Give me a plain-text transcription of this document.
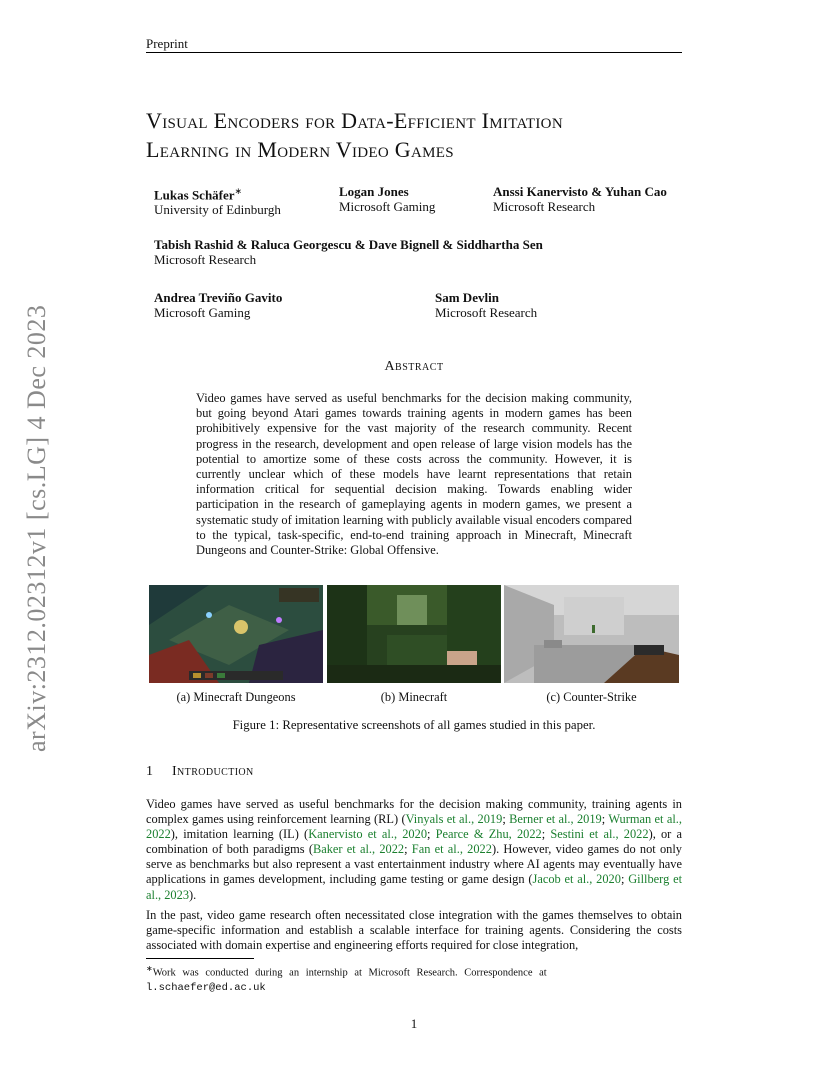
Preprint
arXiv:2312.02312v1 [cs.LG] 4 Dec 2023
Visual Encoders for Data-Efficient Imitation
Learning in Modern Video Games
Lukas Schäfer∗
University of Edinburgh
Logan Jones
Microsoft Gaming
Anssi Kanervisto & Yuhan Cao
Microsoft Research
Tabish Rashid & Raluca Georgescu & Dave Bignell & Siddhartha Sen
Microsoft Research
Andrea Treviño Gavito
Microsoft Gaming
Sam Devlin
Microsoft Research
Abstract
Video games have served as useful benchmarks for the decision making community, but going beyond Atari games towards training agents in modern games has been prohibitively expensive for the vast majority of the research community. Recent progress in the research, development and open release of large vision models has the potential to amortize some of these costs across the community. However, it is currently unclear which of these models have learnt representations that retain information critical for sequential decision making. Towards enabling wider participation in the research of gameplaying agents in modern games, we present a systematic study of imitation learning with publicly available visual encoders compared to the typical, task-specific, end-to-end training approach in Minecraft, Minecraft Dungeons and Counter-Strike: Global Offensive.
(a) Minecraft Dungeons	(b) Minecraft	(c) Counter-Strike
Figure 1: Representative screenshots of all games studied in this paper.
1 Introduction
Video games have served as useful benchmarks for the decision making community, training agents in complex games using reinforcement learning (RL) (Vinyals et al., 2019; Berner et al., 2019; Wurman et al., 2022), imitation learning (IL) (Kanervisto et al., 2020; Pearce & Zhu, 2022; Sestini et al., 2022), or a combination of both paradigms (Baker et al., 2022; Fan et al., 2022). However, video games do not only serve as benchmarks but also represent a vast entertainment industry where AI agents may eventually have applications in games development, including game testing or game design (Jacob et al., 2020; Gillberg et al., 2023).
In the past, video game research often necessitated close integration with the games themselves to obtain game-specific information and establish a scalable interface for training agents. Considering the costs associated with domain expertise and engineering efforts required for close integration,
∗Work was conducted during an internship at Microsoft Research. Correspondence at
l.schaefer@ed.ac.uk
1
